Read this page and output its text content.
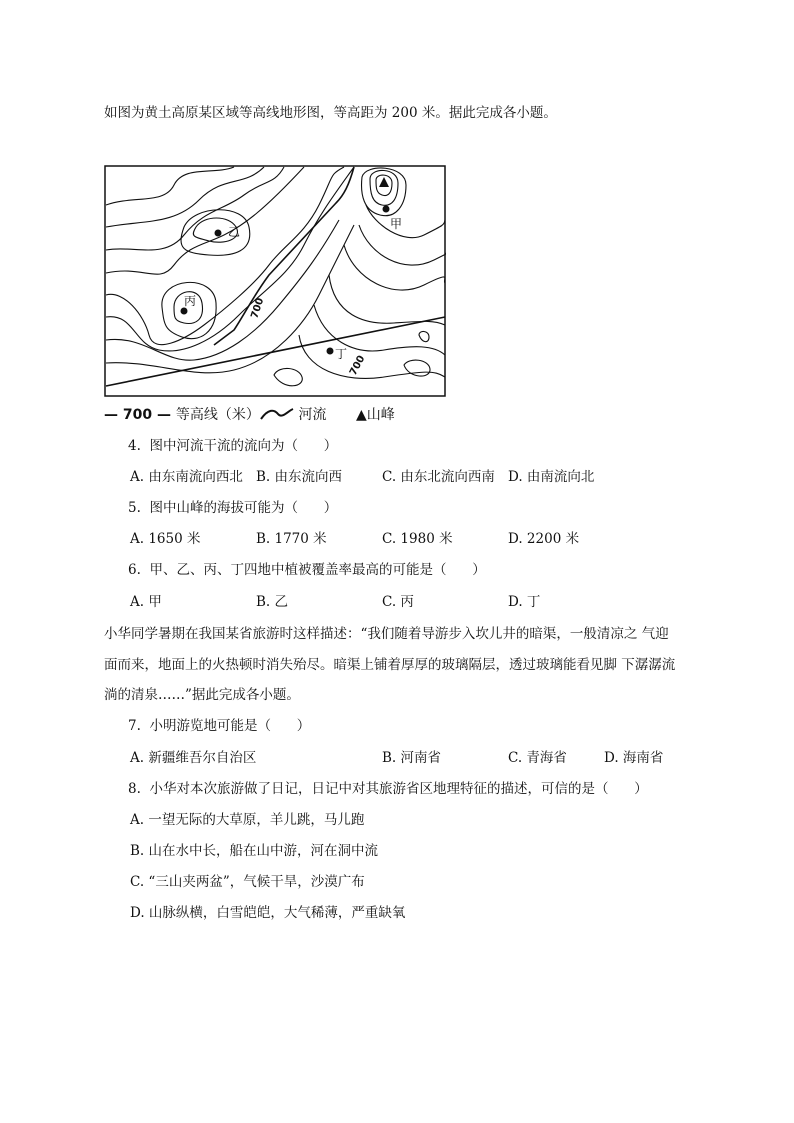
如图为黄土高原某区域等高线地形图，等高距为 200 米。据此完成各小题。
甲
乙
丙
丁
700
700
— 700 — 等高线（米）	河流 ▲山峰
4.  图中河流干流的流向为（      ）
A. 由东南流向西北 B. 由东流向西	C. 由东北流向西南 D. 由南流向北
5.  图中山峰的海拔可能为（      ）
A. 1650 米	B. 1770 米	C. 1980 米	D. 2200 米
6.  甲、乙、丙、丁四地中植被覆盖率最高的可能是（      ）
A. 甲	B. 乙	C. 丙	D. 丁
小华同学暑期在我国某省旅游时这样描述：“我们随着导游步入坎儿井的暗渠，一般清凉之 气迎
面而来，地面上的火热顿时消失殆尽。暗渠上铺着厚厚的玻璃隔层，透过玻璃能看见脚 下潺潺流
淌的清泉……”据此完成各小题。
7.  小明游览地可能是（      ）
A. 新疆维吾尔自治区	B. 河南省	C. 青海省	D. 海南省
8.  小华对本次旅游做了日记，日记中对其旅游省区地理特征的描述，可信的是（      ）
A. 一望无际的大草原，羊儿跳，马儿跑
B. 山在水中长，船在山中游，河在洞中流
C. “三山夹两盆”，气候干旱，沙漠广布
D. 山脉纵横，白雪皑皑，大气稀薄，严重缺氧
